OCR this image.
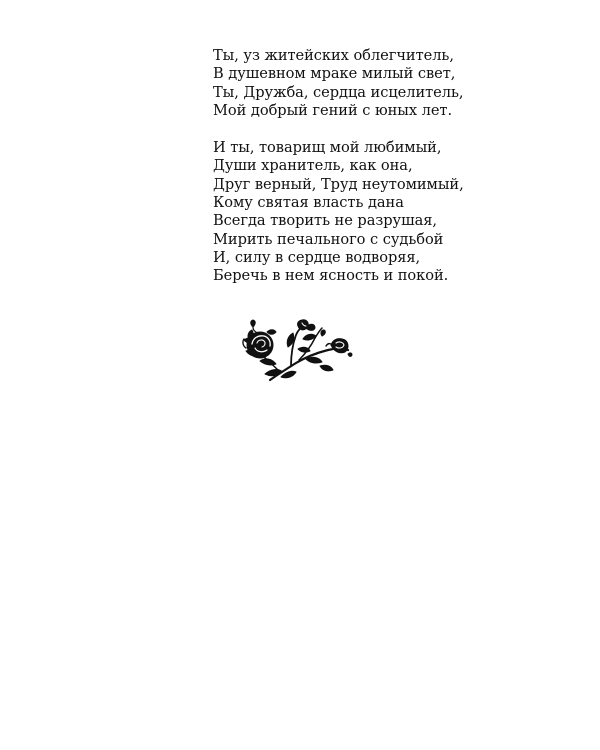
Ты, уз житейских облегчитель,
В душевном мраке милый свет,
Ты, Дружба, сердца исцелитель,
Мой добрый гений с юных лет.

И ты, товарищ мой любимый,
Души хранитель, как она,
Друг верный, Труд неутомимый,
Кому святая власть дана
Всегда творить не разрушая,
Мирить печального с судьбой
И, силу в сердце водворяя,
Беречь в нем ясность и покой.
